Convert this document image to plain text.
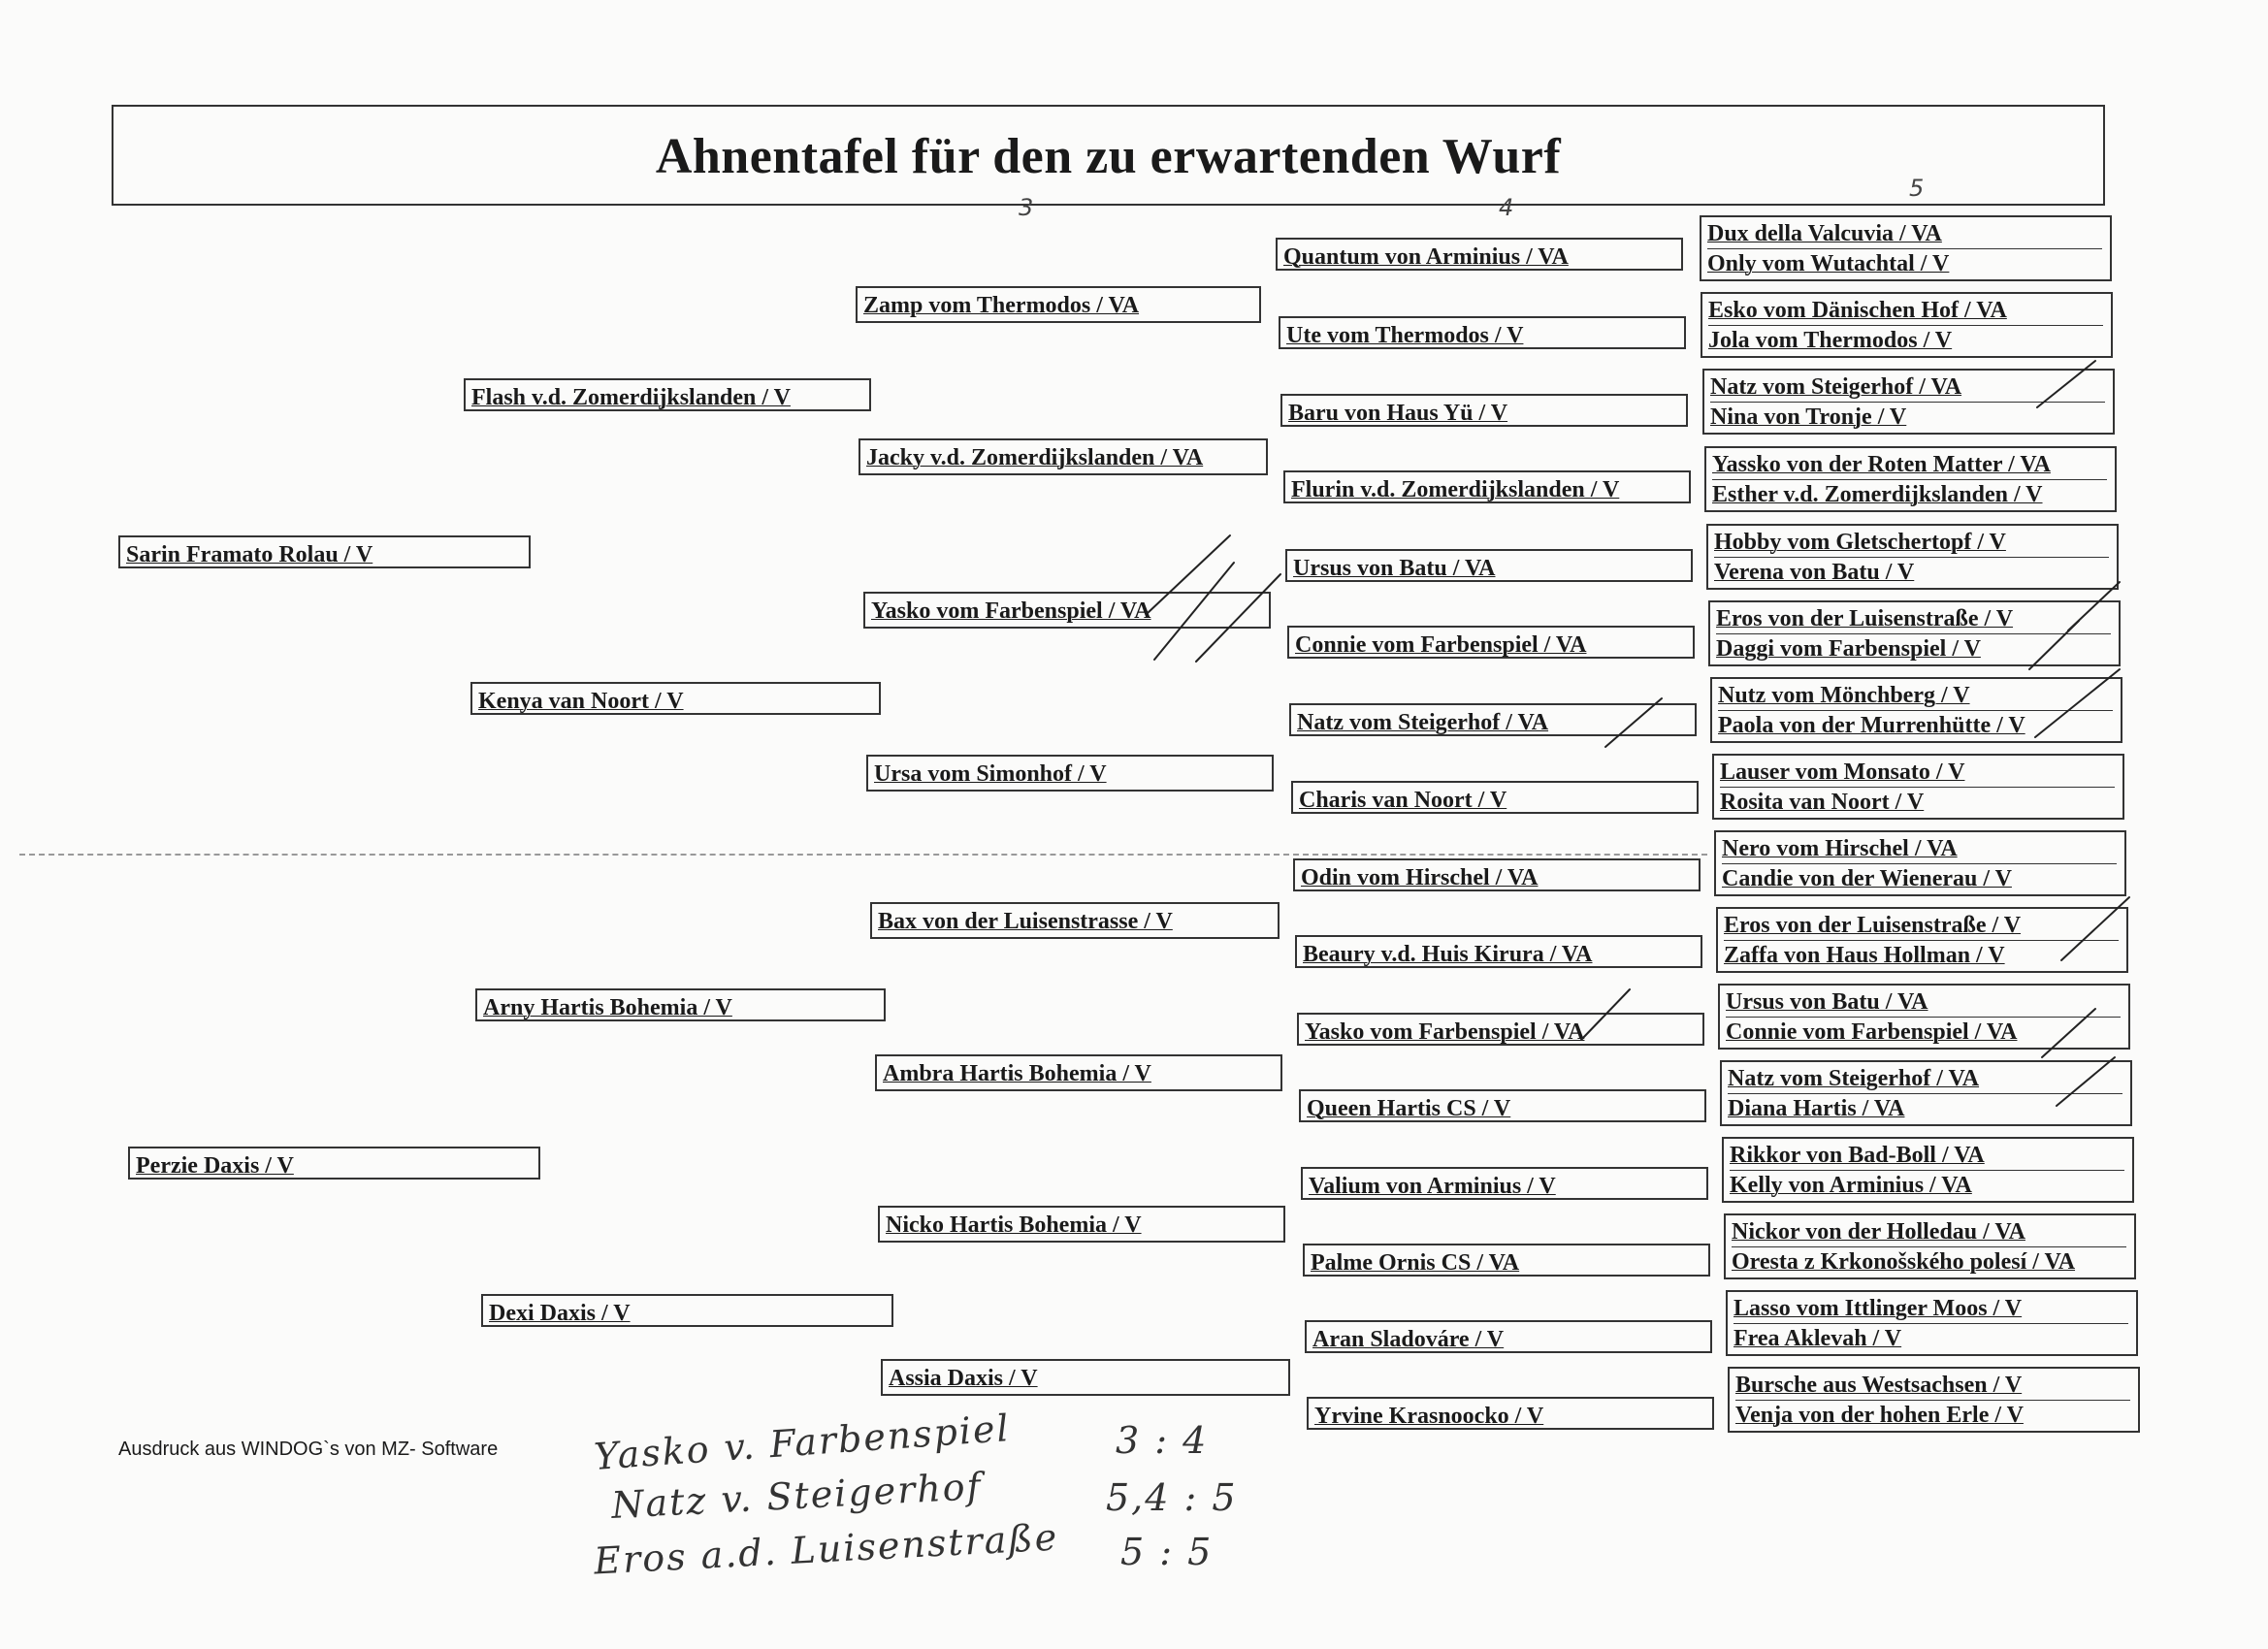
Ahnentafel für den zu erwartenden Wurf
3	4
5
Sarin Framato Rolau / V
Perzie Daxis / V
Flash v.d. Zomerdijkslanden / V
Kenya van Noort / V
Arny Hartis Bohemia / V
Dexi Daxis / V
Zamp vom Thermodos / VA
Jacky v.d. Zomerdijkslanden / VA
Yasko vom Farbenspiel / VA
Ursa vom Simonhof / V
Bax von der Luisenstrasse / V
Ambra Hartis Bohemia / V
Nicko Hartis Bohemia / V
Assia Daxis / V
Quantum von Arminius / VA
Ute vom Thermodos / V
Baru von Haus Yü / V
Flurin v.d. Zomerdijkslanden / V
Ursus von Batu / VA
Connie vom Farbenspiel / VA
Natz vom Steigerhof / VA
Charis van Noort / V
Odin vom Hirschel / VA
Beaury v.d. Huis Kirura / VA
Yasko vom Farbenspiel / VA
Queen Hartis CS / V
Valium von Arminius / V
Palme Ornis CS / VA
Aran Sladováre / V
Yrvine Krasnoocko / V
Dux della Valcuvia / VA
Only vom Wutachtal / V
Esko vom Dänischen Hof / VA
Jola vom Thermodos / V
Natz vom Steigerhof / VA
Nina von Tronje / V
Yassko von der Roten Matter / VA
Esther v.d. Zomerdijkslanden / V
Hobby vom Gletschertopf / V
Verena von Batu / V
Eros von der Luisenstraße / V
Daggi vom Farbenspiel / V
Nutz vom Mönchberg / V
Paola von der Murrenhütte / V
Lauser vom Monsato / V
Rosita van Noort / V
Nero vom Hirschel / VA
Candie von der Wienerau / V
Eros von der Luisenstraße / V
Zaffa von Haus Hollman / V
Ursus von Batu / VA
Connie vom Farbenspiel / VA
Natz vom Steigerhof / VA
Diana Hartis / VA
Rikkor von Bad-Boll / VA
Kelly von Arminius / VA
Nickor von der Holledau / VA
Oresta z Krkonošského polesí / VA
Lasso vom Ittlinger Moos / V
Frea Aklevah / V
Bursche aus Westsachsen / V
Venja von der hohen Erle / V
Ausdruck aus WINDOG`s von MZ- Software	Yasko v. Farbenspiel	3 : 4
Natz v. Steigerhof	5,4 : 5
Eros a.d. Luisenstraße 5 : 5
